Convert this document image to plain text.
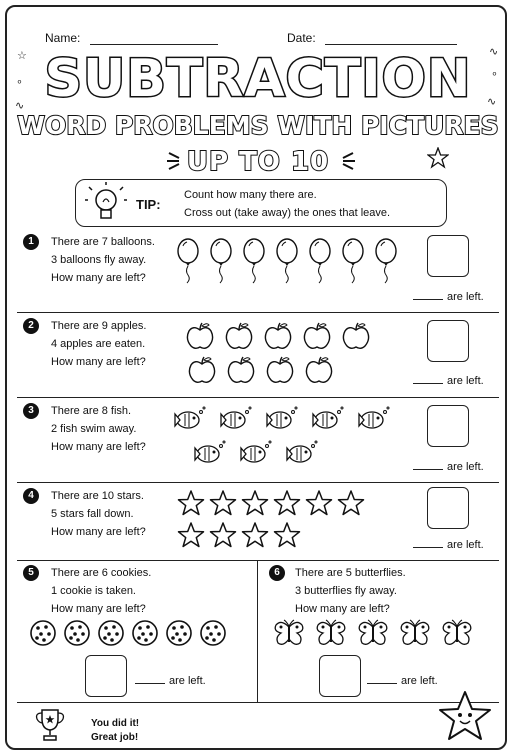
☆
∘
∿
∿
∘
∿
Name:	Date:
SUBTRACTION
WORD PROBLEMS WITH PICTURES
UP TO 10
TIP:
Count how many there are.
Cross out (take away) the ones that leave.
1	There are 7 balloons.
3 balloons fly away.
How many are left?
are left.
2	There are 9 apples.
4 apples are eaten.
How many are left?
are left.
3	There are 8 fish.
2 fish swim away.
How many are left?
are left.
4	There are 10 stars.
5 stars fall down.
How many are left?
are left.
5	There are 6 cookies.
1 cookie is taken.
How many are left?
are left.
6	There are 5 butterflies.
3 butterflies fly away.
How many are left?
are left.
You did it!
Great job!
